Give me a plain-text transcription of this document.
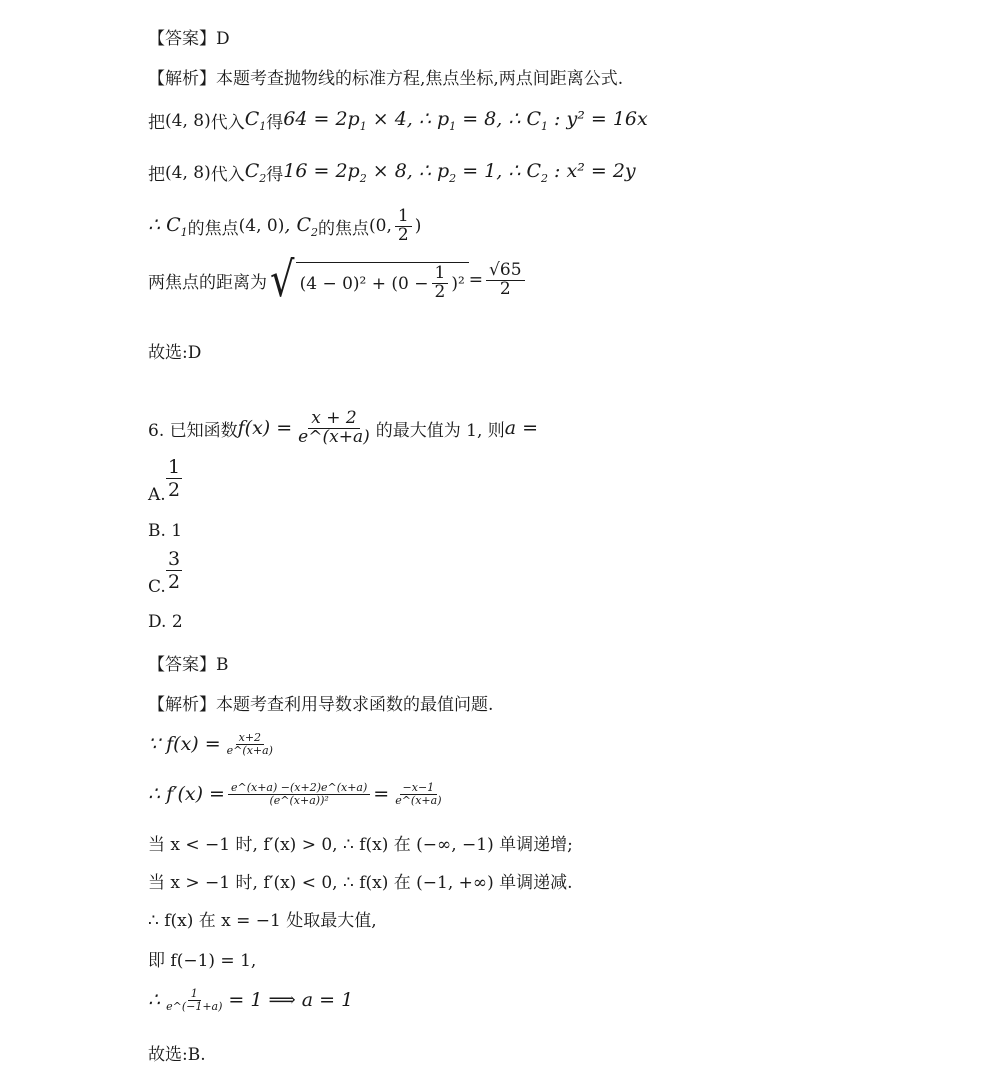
【答案】D
【解析】 本题考查抛物线的标准方程,焦点坐标,两点间距离公式.
把 (4, 8) 代入 $C_1$ 得 $64 = 2p_1 \times 4$, ∴ $p_1 = 8$, ∴ $C_1$ : y² = 16x
把 (4, 8) 代入 $C_2$ 得 $16 = 2p_2 \times 8$, ∴ $p_2 = 1$, ∴ $C_2$ : x² = 2y
∴ $C_1$ 的焦点 (4, 0) , $C_2$ 的焦点 (0, $\frac{1}{2}$ )
两焦点的距离为 √ $(4 - 0)^2 + (0 - \frac{1}{2} )^2 = \frac{√65}{2}$
故选:D
6. 已知函数 $f(x) = \frac{x + 2}{e\^{}(x+a)}$ 的最大值为 1, 则 a =
1
2
A.
B. 1
3
2
C.
D. 2
【答案】B
【解析】 本题考查利用导数求函数的最值问题.
∵ $f(x) = \frac{x+2}{e\^{}(x+a)}$
∴ $f'(x) = \frac{e\^{}(x+a) -(x+2)e\^{}(x+a)}{\text{(e\textasciicircum{}(x+a))²}} = \frac{-x-1}{e\^{}(x+a)}$
当 x < −1 时, f′(x) > 0, ∴ f(x) 在 (−∞, −1) 单调递增;
当 x > −1 时, f′(x) < 0, ∴ f(x) 在 (−1, +∞) 单调递减.
∴ f(x) 在 x = −1 处取最大值,
即 f(−1) = 1,
∴ $\frac{1}{e\^{}(-1+a)} = 1$ ⟹ a = 1
故选:B.
